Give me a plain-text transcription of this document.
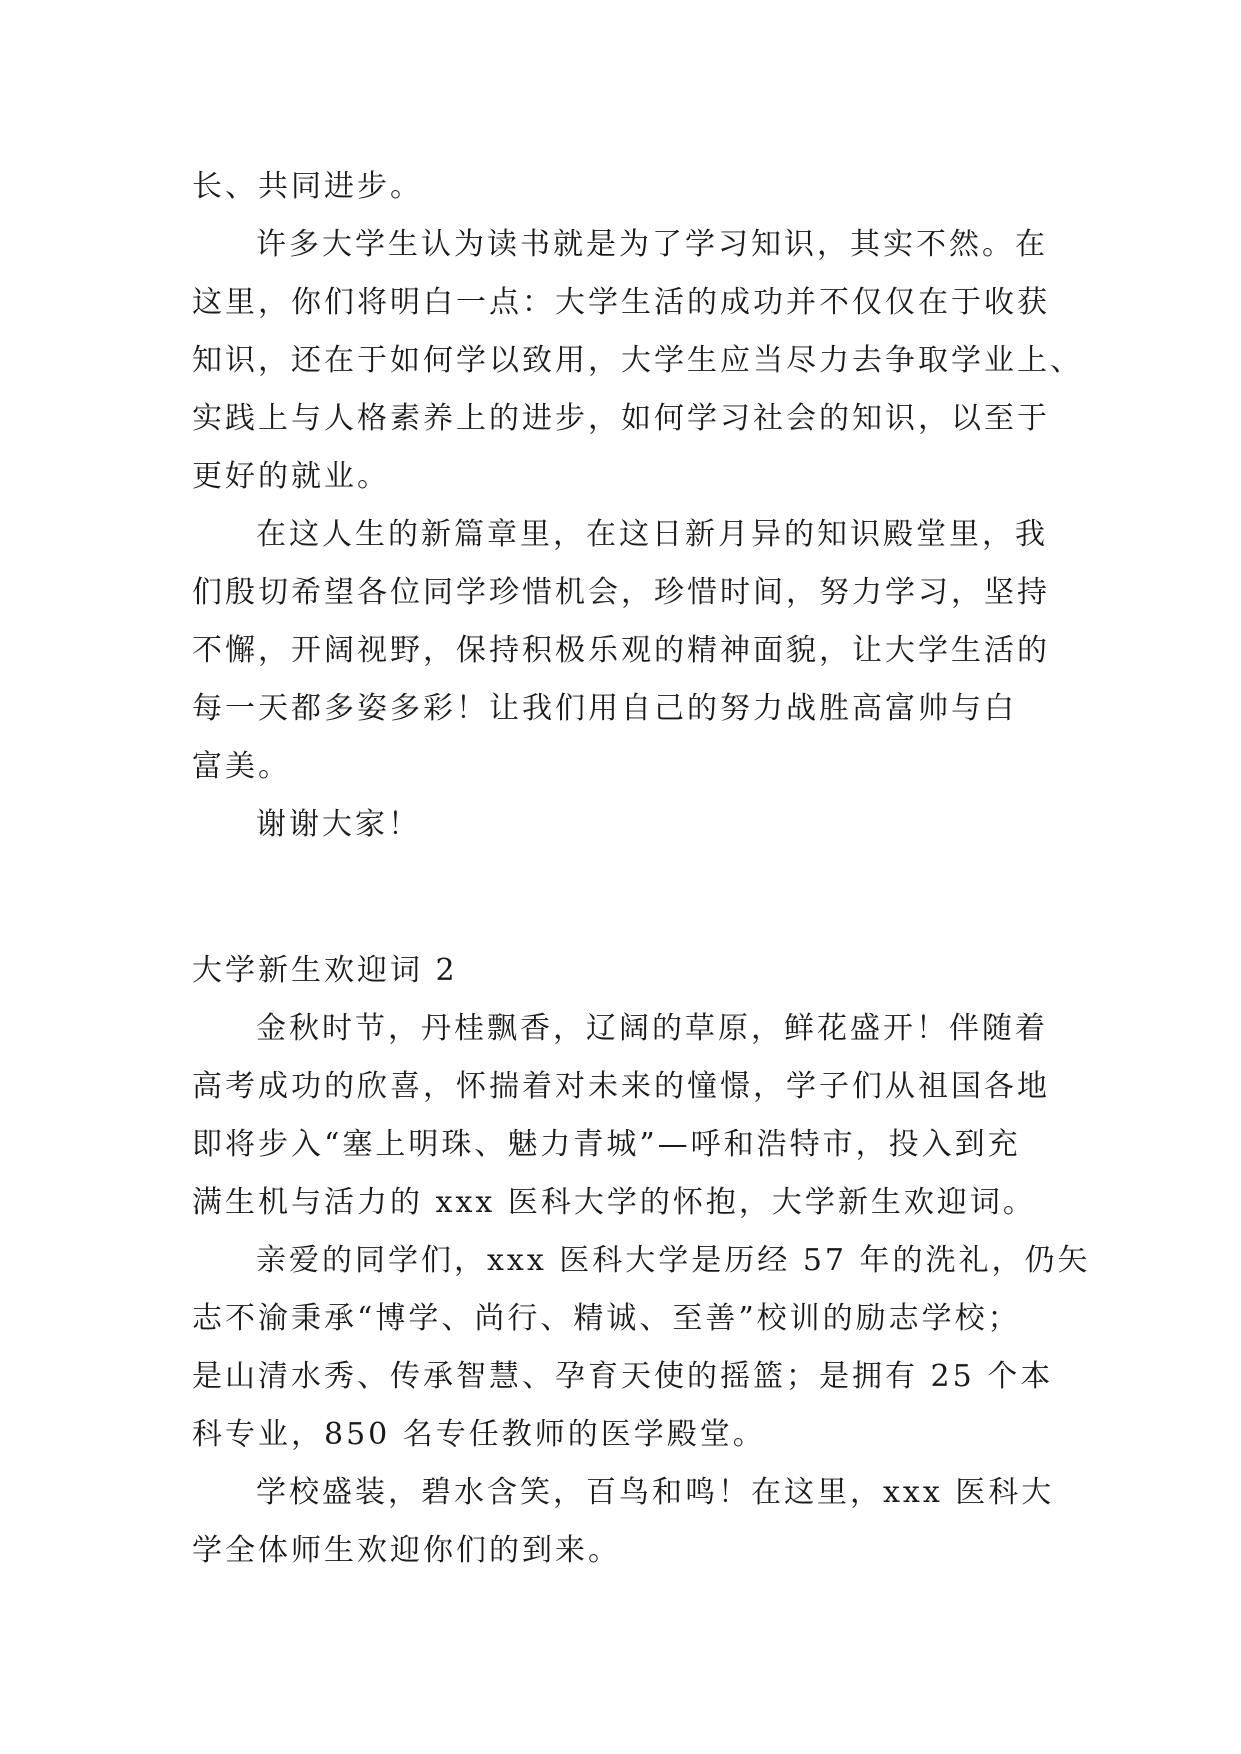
长、共同进步。
许多大学生认为读书就是为了学习知识，其实不然。在
这里，你们将明白一点：大学生活的成功并不仅仅在于收获
知识，还在于如何学以致用，大学生应当尽力去争取学业上、
实践上与人格素养上的进步，如何学习社会的知识，以至于
更好的就业。
在这人生的新篇章里，在这日新月异的知识殿堂里，我
们殷切希望各位同学珍惜机会，珍惜时间，努力学习，坚持
不懈，开阔视野，保持积极乐观的精神面貌，让大学生活的
每一天都多姿多彩！让我们用自己的努力战胜高富帅与白
富美。
谢谢大家！
大学新生欢迎词 2
金秋时节，丹桂飘香，辽阔的草原，鲜花盛开！伴随着
高考成功的欣喜，怀揣着对未来的憧憬，学子们从祖国各地
即将步入“塞上明珠、魅力青城”—呼和浩特市，投入到充
满生机与活力的 xxx 医科大学的怀抱，大学新生欢迎词。
亲爱的同学们，xxx 医科大学是历经 57 年的洗礼，仍矢
志不渝秉承“博学、尚行、精诚、至善”校训的励志学校；
是山清水秀、传承智慧、孕育天使的摇篮；是拥有 25 个本
科专业，850 名专任教师的医学殿堂。
学校盛装，碧水含笑，百鸟和鸣！在这里，xxx 医科大
学全体师生欢迎你们的到来。
